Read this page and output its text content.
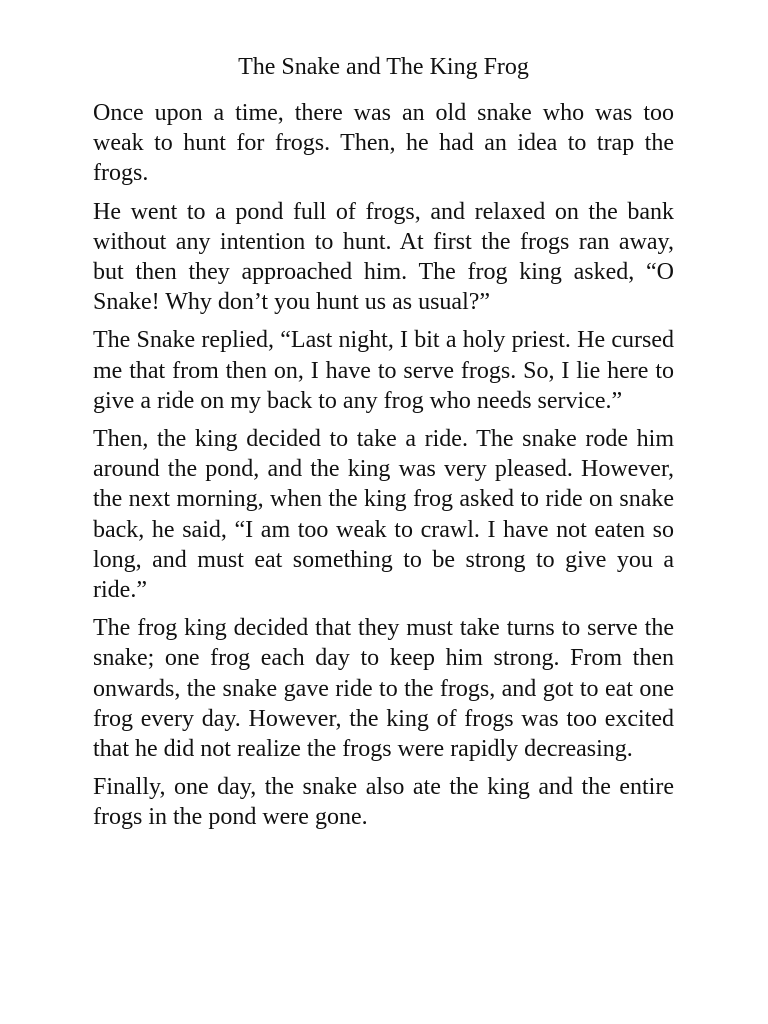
The Snake and The King Frog

Once upon a time, there was an old snake who was too weak to hunt for frogs. Then, he had an idea to trap the frogs.

He went to a pond full of frogs, and relaxed on the bank without any intention to hunt. At first the frogs ran away, but then they approached him. The frog king asked, “O Snake! Why don’t you hunt us as usual?”

The Snake replied, “Last night, I bit a holy priest. He cursed me that from then on, I have to serve frogs. So, I lie here to give a ride on my back to any frog who needs service.”

Then, the king decided to take a ride. The snake rode him around the pond, and the king was very pleased. However, the next morning, when the king frog asked to ride on snake back, he said, “I am too weak to crawl. I have not eaten so long, and must eat something to be strong to give you a ride.”

The frog king decided that they must take turns to serve the snake; one frog each day to keep him strong. From then onwards, the snake gave ride to the frogs, and got to eat one frog every day. However, the king of frogs was too excited that he did not realize the frogs were rapidly decreasing.

Finally, one day, the snake also ate the king and the entire frogs in the pond were gone.
